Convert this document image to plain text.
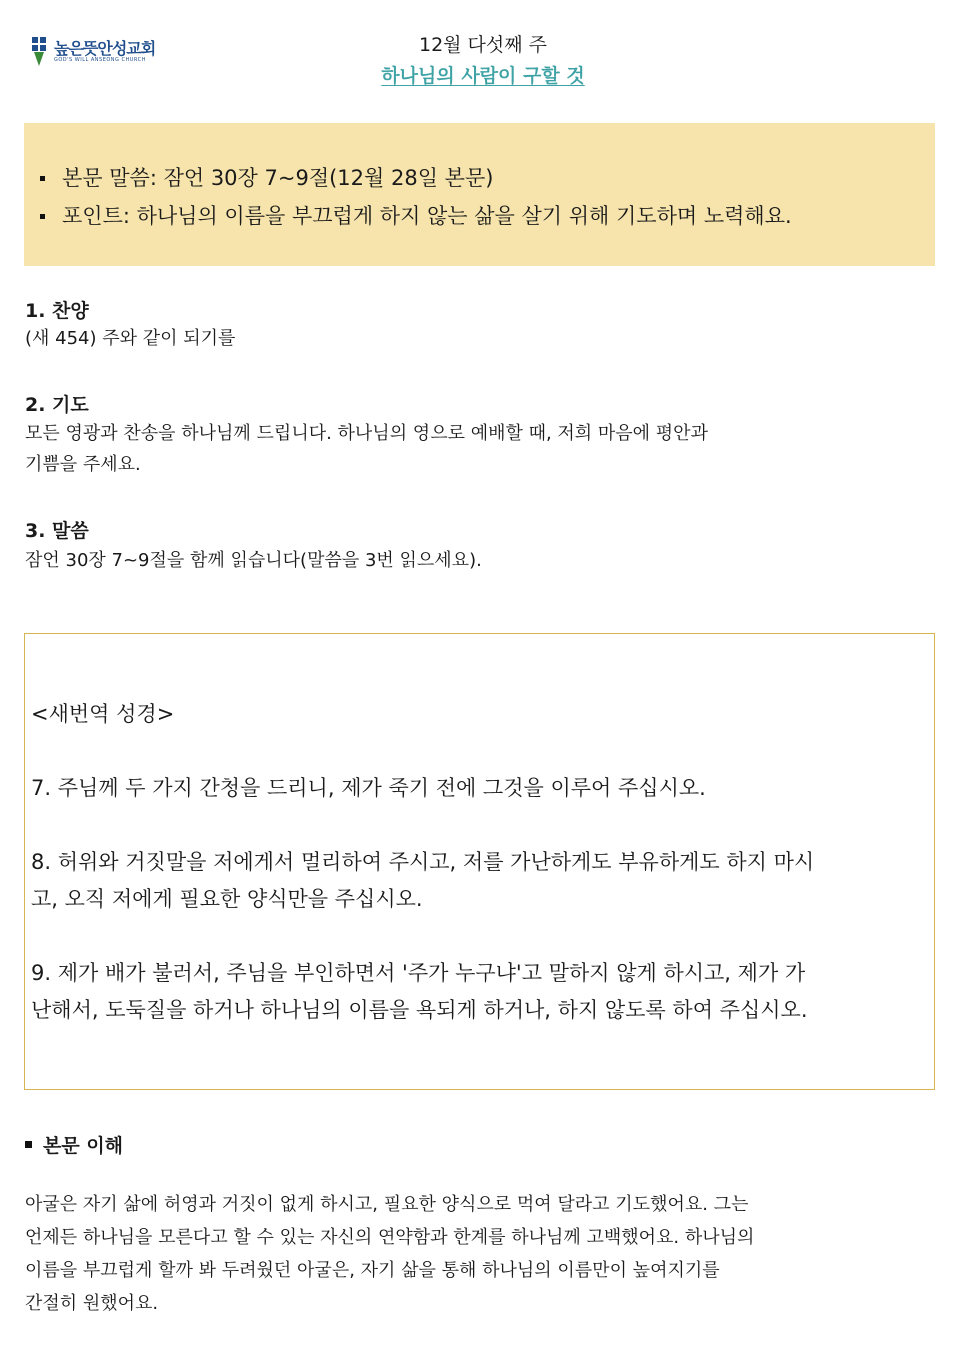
높은뜻안성교회
GOD'S WILL ANSEONG CHURCH
12월 다섯째 주
하나님의 사람이 구할 것
본문 말씀: 잠언 30장 7~9절(12월 28일 본문)
포인트: 하나님의 이름을 부끄럽게 하지 않는 삶을 살기 위해 기도하며 노력해요.
1. 찬양
(새 454) 주와 같이 되기를
2. 기도
모든 영광과 찬송을 하나님께 드립니다. 하나님의 영으로 예배할 때, 저희 마음에 평안과
기쁨을 주세요.
3. 말씀
잠언 30장 7~9절을 함께 읽습니다(말씀을 3번 읽으세요).
<새번역 성경>
7. 주님께 두 가지 간청을 드리니, 제가 죽기 전에 그것을 이루어 주십시오.
8. 허위와 거짓말을 저에게서 멀리하여 주시고, 저를 가난하게도 부유하게도 하지 마시
고, 오직 저에게 필요한 양식만을 주십시오.
9. 제가 배가 불러서, 주님을 부인하면서 '주가 누구냐'고 말하지 않게 하시고, 제가 가
난해서, 도둑질을 하거나 하나님의 이름을 욕되게 하거나, 하지 않도록 하여 주십시오.
본문 이해
아굴은 자기 삶에 허영과 거짓이 없게 하시고, 필요한 양식으로 먹여 달라고 기도했어요. 그는
언제든 하나님을 모른다고 할 수 있는 자신의 연약함과 한계를 하나님께 고백했어요. 하나님의
이름을 부끄럽게 할까 봐 두려웠던 아굴은, 자기 삶을 통해 하나님의 이름만이 높여지기를
간절히 원했어요.
